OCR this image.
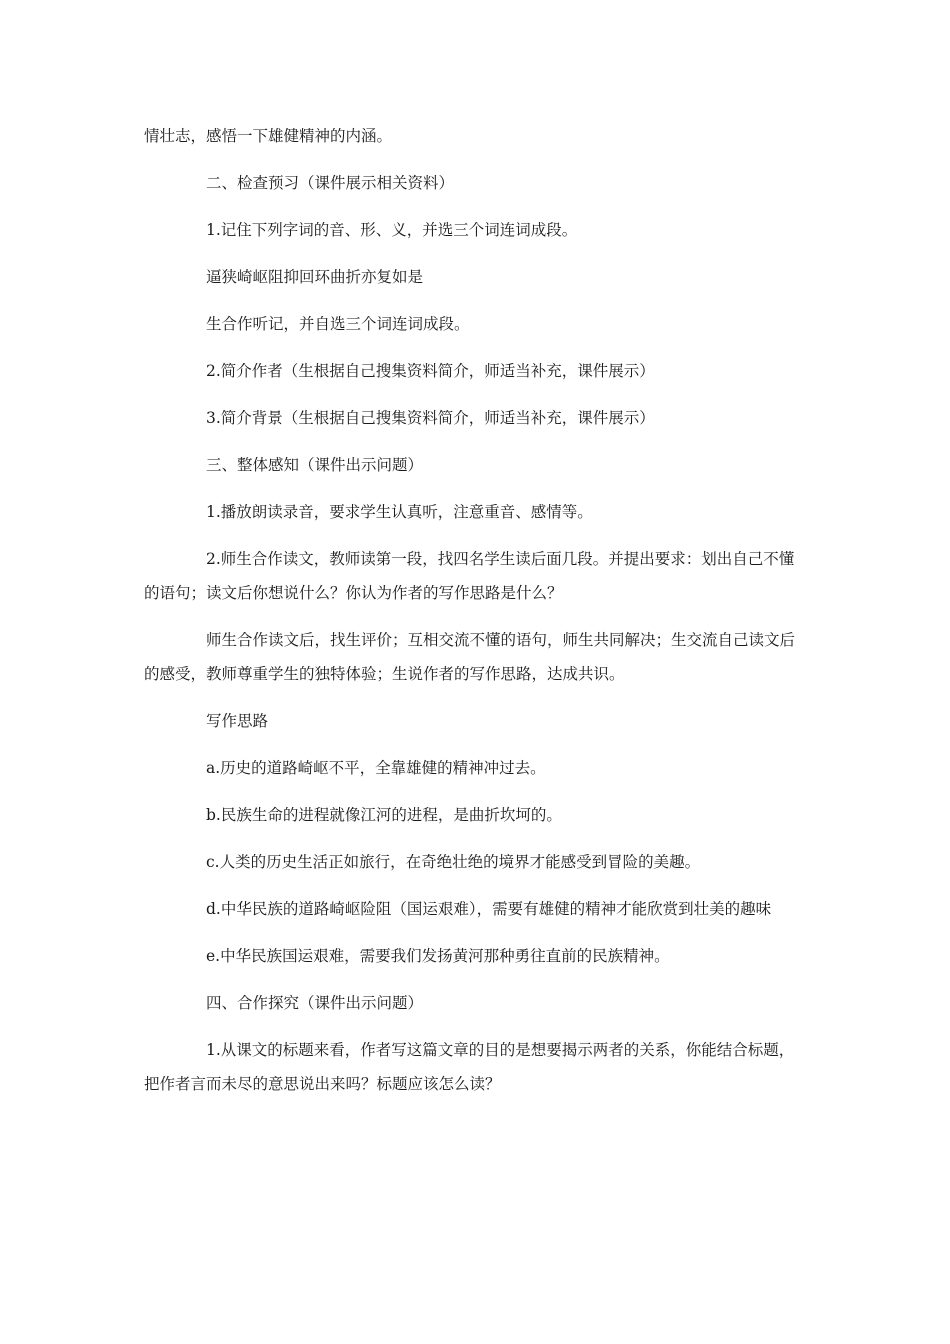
情壮志，感悟一下雄健精神的内涵。

二、检查预习（课件展示相关资料）

1.记住下列字词的音、形、义，并选三个词连词成段。

逼狭崎岖阻抑回环曲折亦复如是

生合作听记，并自选三个词连词成段。

2.简介作者（生根据自己搜集资料简介，师适当补充，课件展示）

3.简介背景（生根据自己搜集资料简介，师适当补充，课件展示）

三、整体感知（课件出示问题）

1.播放朗读录音，要求学生认真听，注意重音、感情等。

2.师生合作读文，教师读第一段，找四名学生读后面几段。并提出要求：划出自己不懂的语句；读文后你想说什么？你认为作者的写作思路是什么？

师生合作读文后，找生评价；互相交流不懂的语句，师生共同解决；生交流自己读文后的感受，教师尊重学生的独特体验；生说作者的写作思路，达成共识。

写作思路

a.历史的道路崎岖不平，全靠雄健的精神冲过去。

b.民族生命的进程就像江河的进程，是曲折坎坷的。

c.人类的历史生活正如旅行，在奇绝壮绝的境界才能感受到冒险的美趣。

d.中华民族的道路崎岖险阻（国运艰难），需要有雄健的精神才能欣赏到壮美的趣味

e.中华民族国运艰难，需要我们发扬黄河那种勇往直前的民族精神。

四、合作探究（课件出示问题）

1.从课文的标题来看，作者写这篇文章的目的是想要揭示两者的关系，你能结合标题，把作者言而未尽的意思说出来吗？标题应该怎么读？
